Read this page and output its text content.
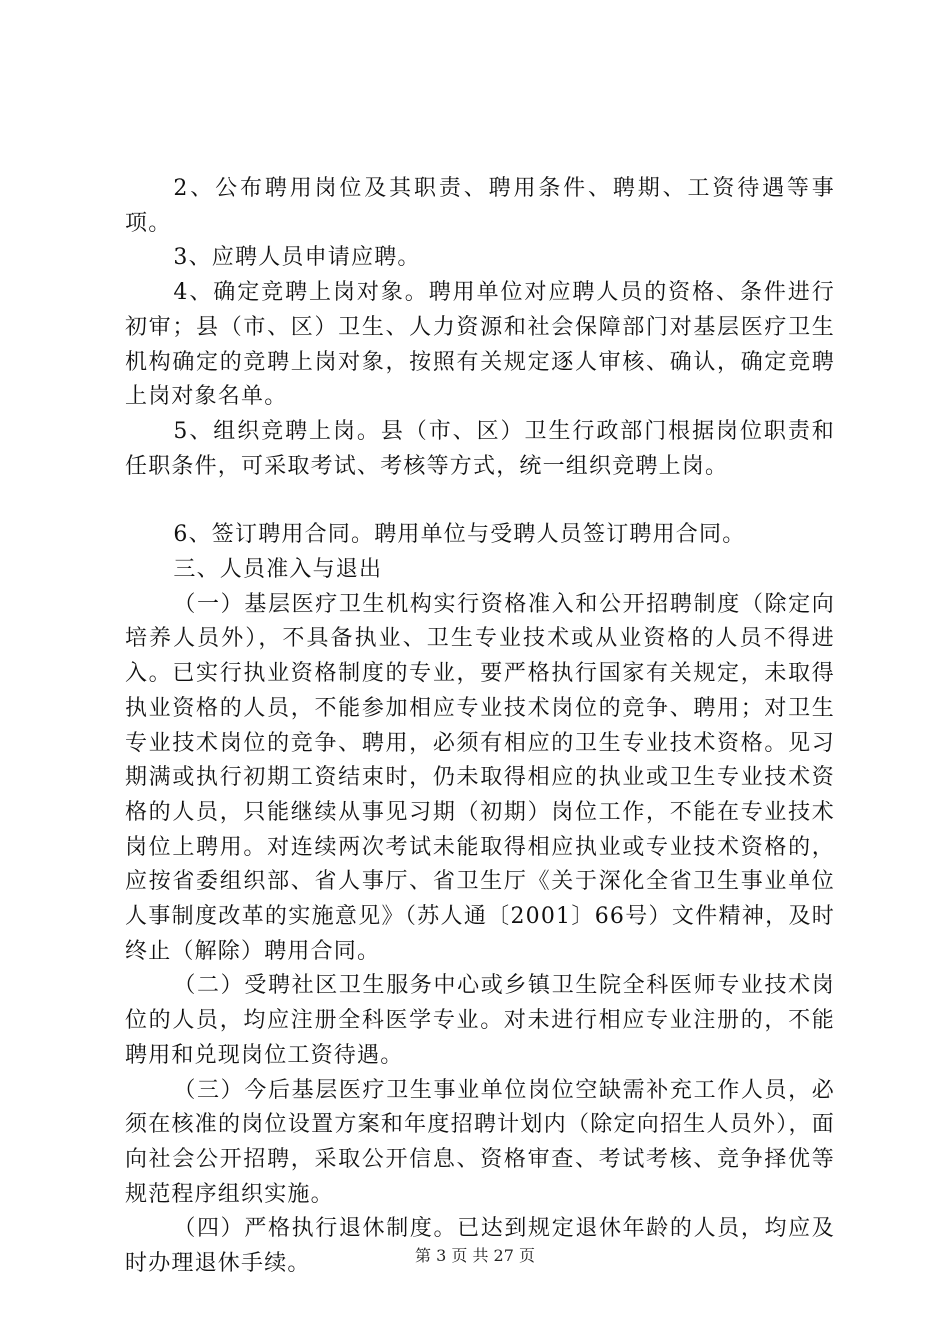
2、公布聘用岗位及其职责、聘用条件、聘期、工资待遇等事项。

3、应聘人员申请应聘。

4、确定竞聘上岗对象。聘用单位对应聘人员的资格、条件进行初审；县（市、区）卫生、人力资源和社会保障部门对基层医疗卫生机构确定的竞聘上岗对象，按照有关规定逐人审核、确认，确定竞聘上岗对象名单。

5、组织竞聘上岗。县（市、区）卫生行政部门根据岗位职责和任职条件，可采取考试、考核等方式，统一组织竞聘上岗。

6、签订聘用合同。聘用单位与受聘人员签订聘用合同。

三、人员准入与退出

（一）基层医疗卫生机构实行资格准入和公开招聘制度（除定向培养人员外），不具备执业、卫生专业技术或从业资格的人员不得进入。已实行执业资格制度的专业，要严格执行国家有关规定，未取得执业资格的人员，不能参加相应专业技术岗位的竞争、聘用；对卫生专业技术岗位的竞争、聘用，必须有相应的卫生专业技术资格。见习期满或执行初期工资结束时，仍未取得相应的执业或卫生专业技术资格的人员，只能继续从事见习期（初期）岗位工作，不能在专业技术岗位上聘用。对连续两次考试未能取得相应执业或专业技术资格的，应按省委组织部、省人事厅、省卫生厅《关于深化全省卫生事业单位人事制度改革的实施意见》（苏人通〔2001〕66号）文件精神，及时终止（解除）聘用合同。

（二）受聘社区卫生服务中心或乡镇卫生院全科医师专业技术岗位的人员，均应注册全科医学专业。对未进行相应专业注册的，不能聘用和兑现岗位工资待遇。

（三）今后基层医疗卫生事业单位岗位空缺需补充工作人员，必须在核准的岗位设置方案和年度招聘计划内（除定向招生人员外），面向社会公开招聘，采取公开信息、资格审查、考试考核、竞争择优等规范程序组织实施。

（四）严格执行退休制度。已达到规定退休年龄的人员，均应及时办理退休手续。	第 3 页 共 27 页
